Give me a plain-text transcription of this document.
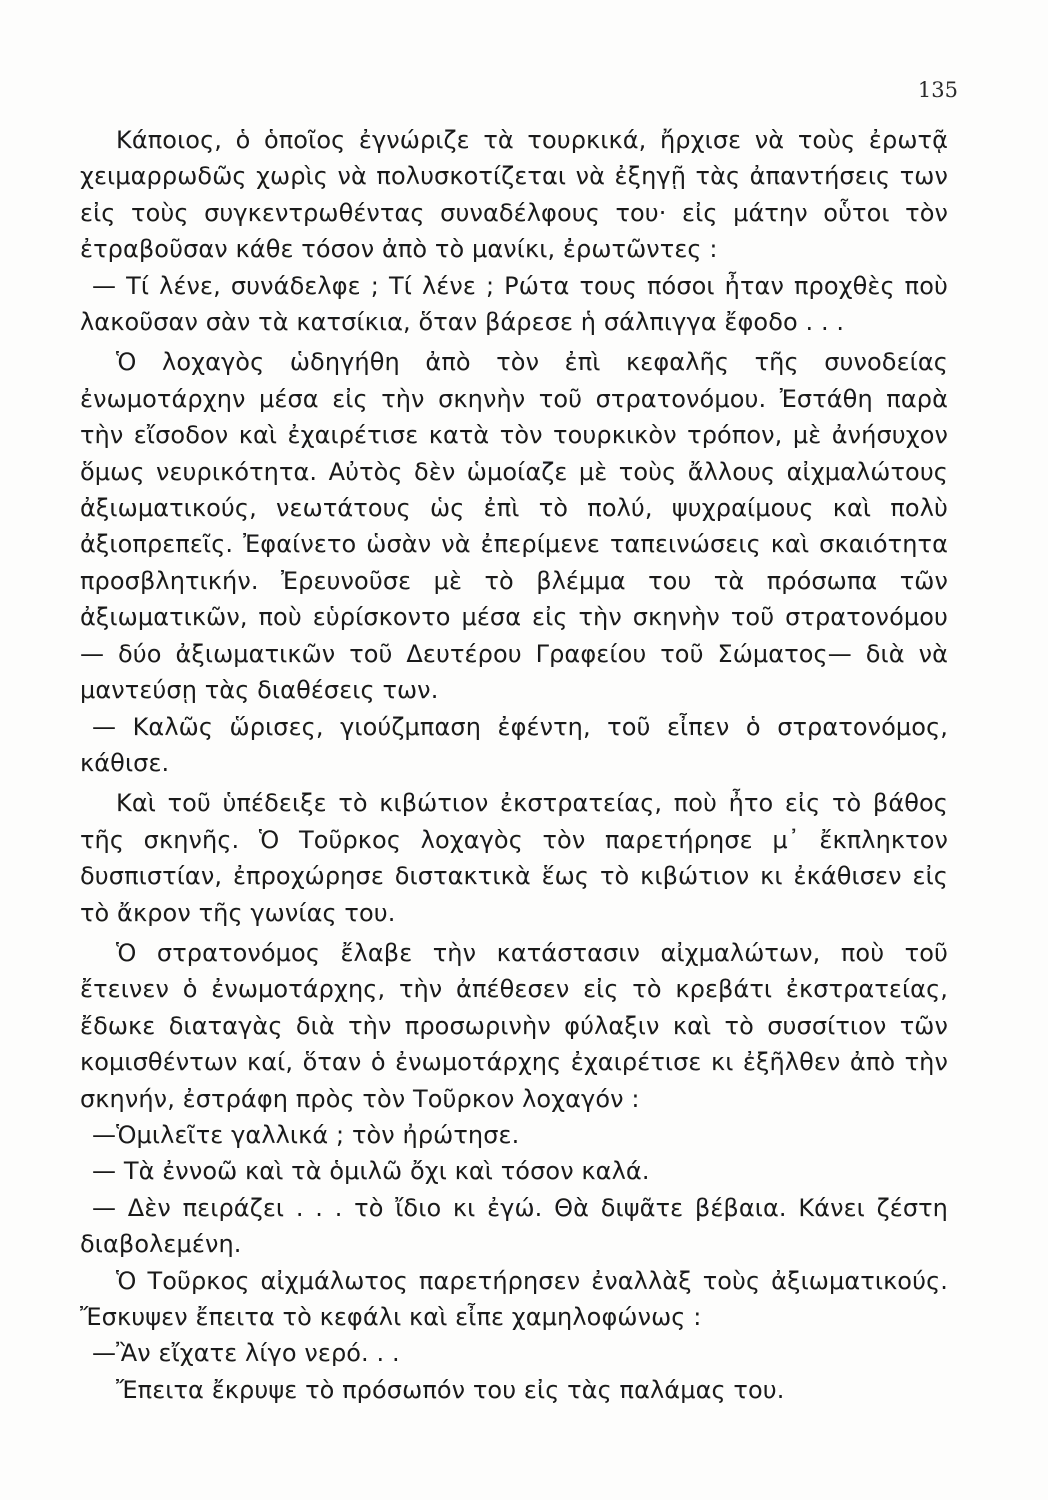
135

Κάποιος, ὁ ὁποῖος ἐγνώριζε τὰ τουρκικά, ἤρχισε νὰ τοὺς ἐρωτᾷ χειμαρρωδῶς χωρὶς νὰ πολυσκοτίζεται νὰ ἐξηγῇ τὰς ἀπαντήσεις των εἰς τοὺς συγκεντρωθέντας συναδέλφους του· εἰς μάτην οὗτοι τὸν ἐτραβοῦσαν κάθε τόσον ἀπὸ τὸ μανίκι, ἐρωτῶντες :

— Τί λένε, συνάδελφε ; Τί λένε ; Ρώτα τους πόσοι ἦταν προχθὲς ποὺ λακοῦσαν σὰν τὰ κατσίκια, ὅταν βάρεσε ἡ σάλπιγγα ἔφοδο . . .

Ὁ λοχαγὸς ὡδηγήθη ἀπὸ τὸν ἐπὶ κεφαλῆς τῆς συνοδείας ἐνωμοτάρχην μέσα εἰς τὴν σκηνὴν τοῦ στρατονόμου. Ἐστάθη παρὰ τὴν εἴσοδον καὶ ἐχαιρέτισε κατὰ τὸν τουρκικὸν τρόπον, μὲ ἀνήσυχον ὅμως νευρικότητα. Αὐτὸς δὲν ὡμοίαζε μὲ τοὺς ἄλλους αἰχμαλώτους ἀξιωματικούς, νεωτάτους ὡς ἐπὶ τὸ πολύ, ψυχραίμους καὶ πολὺ ἀξιοπρεπεῖς. Ἐφαίνετο ὡσὰν νὰ ἐπερίμενε ταπεινώσεις καὶ σκαιότητα προσβλητικήν. Ἐρευνοῦσε μὲ τὸ βλέμμα του τὰ πρόσωπα τῶν ἀξιωματικῶν, ποὺ εὑρίσκοντο μέσα εἰς τὴν σκηνὴν τοῦ στρατονόμου — δύο ἀξιωματικῶν τοῦ Δευτέρου Γραφείου τοῦ Σώματος— διὰ νὰ μαντεύσῃ τὰς διαθέσεις των.

— Καλῶς ὥρισες, γιούζμπαση ἐφέντη, τοῦ εἶπεν ὁ στρατονόμος, κάθισε.

Καὶ τοῦ ὑπέδειξε τὸ κιβώτιον ἐκστρατείας, ποὺ ἦτο εἰς τὸ βάθος τῆς σκηνῆς. Ὁ Τοῦρκος λοχαγὸς τὸν παρετήρησε μ᾽ ἔκπληκτον δυσπιστίαν, ἐπροχώρησε διστακτικὰ ἕως τὸ κιβώτιον κι ἐκάθισεν εἰς τὸ ἄκρον τῆς γωνίας του.

Ὁ στρατονόμος ἔλαβε τὴν κατάστασιν αἰχμαλώτων, ποὺ τοῦ ἔτεινεν ὁ ἐνωμοτάρχης, τὴν ἀπέθεσεν εἰς τὸ κρεβάτι ἐκστρατείας, ἔδωκε διαταγὰς διὰ τὴν προσωρινὴν φύλαξιν καὶ τὸ συσσίτιον τῶν κομισθέντων καί, ὅταν ὁ ἐνωμοτάρχης ἐχαιρέτισε κι ἐξῆλθεν ἀπὸ τὴν σκηνήν, ἐστράφη πρὸς τὸν Τοῦρκον λοχαγόν :

—Ὁμιλεῖτε γαλλικά ; τὸν ἠρώτησε.

— Τὰ ἐννοῶ καὶ τὰ ὁμιλῶ ὄχι καὶ τόσον καλά.

— Δὲν πειράζει . . . τὸ ἴδιο κι ἐγώ. Θὰ διψᾶτε βέβαια. Κάνει ζέστη διαβολεμένη.

Ὁ Τοῦρκος αἰχμάλωτος παρετήρησεν ἐναλλὰξ τοὺς ἀξιωματικούς. Ἔσκυψεν ἔπειτα τὸ κεφάλι καὶ εἶπε χαμηλοφώνως :

—Ἂν εἴχατε λίγο νερό. . .

Ἔπειτα ἔκρυψε τὸ πρόσωπόν του εἰς τὰς παλάμας του.
